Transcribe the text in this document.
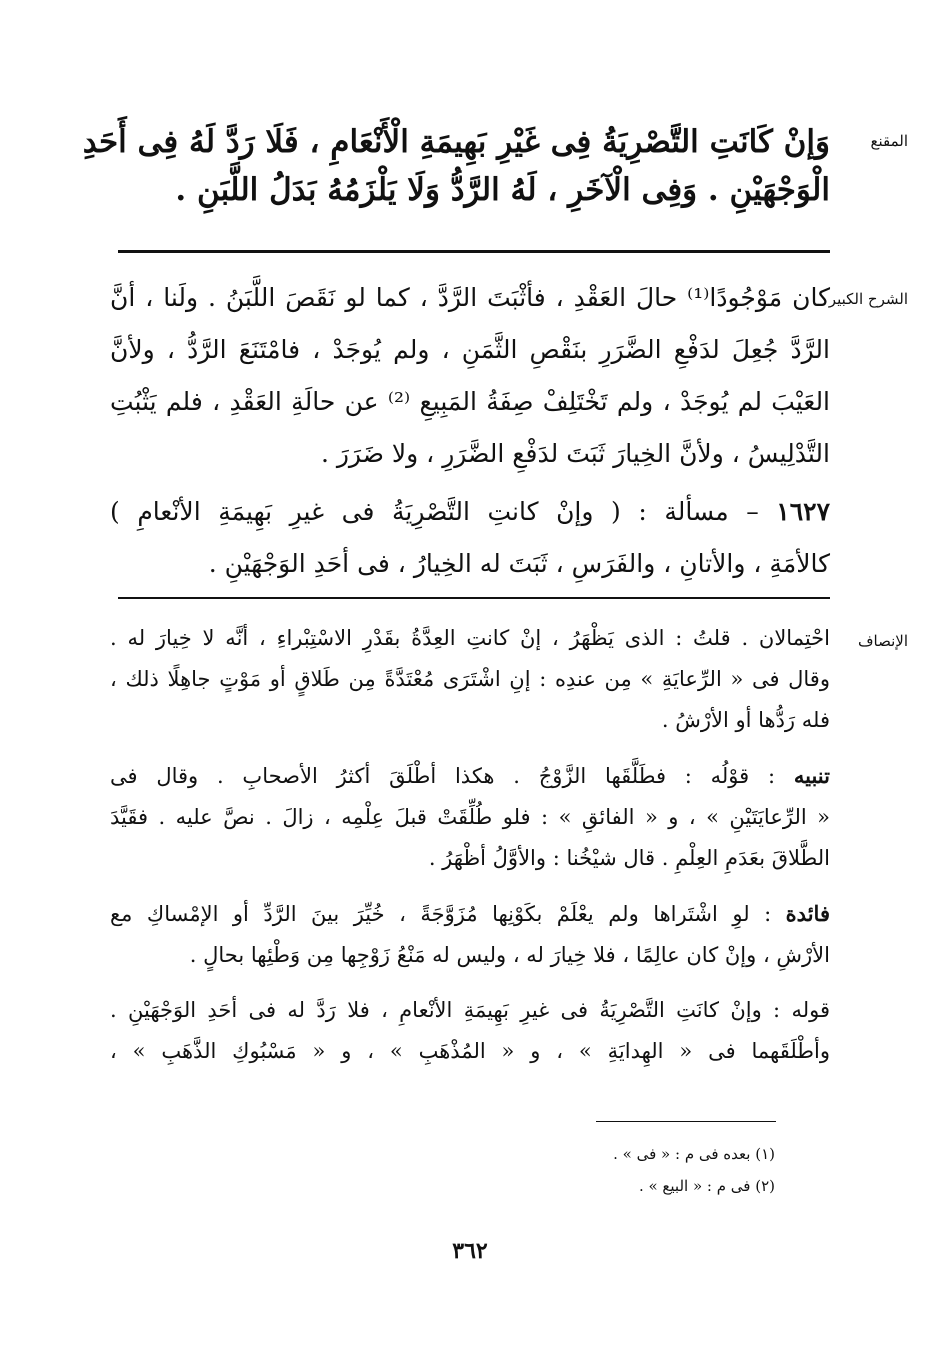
المقنع
وَإنْ كَانَتِ التَّصْرِيَةُ فِى غَيْرِ بَهِيمَةِ الْأَنْعَامِ ، فَلَا رَدَّ لَهُ فِى أَحَدِ
الْوَجْهَيْنِ . وَفِى الْآخَرِ ، لَهُ الرَّدُّ وَلَا يَلْزَمُهُ بَدَلُ اللَّبَنِ .
الشرح الكبير
كان مَوْجُودًا⁽¹⁾ حالَ العَقْدِ ، فأثْبَتَ الرَّدَّ ، كما لو نَقَصَ اللَّبَنُ . ولَنا ، أنَّ
الرَّدَّ جُعِلَ لدَفْعِ الضَّرَرِ بنَقْصِ الثَّمَنِ ، ولم يُوجَدْ ، فامْتَنَعَ الرَّدُّ ، ولأنَّ
العَيْبَ لم يُوجَدْ ، ولم تَخْتَلِفْ صِفَةُ المَبِيعِ ⁽²⁾ عن حالَةِ العَقْدِ ، فلم يَثْبُتِ
التَّدْلِيسُ ، ولأنَّ الخِيارَ ثَبَتَ لدَفْعِ الضَّرَرِ ، ولا ضَرَرَ .
١٦٢٧ – مسألة : ( وإنْ كانتِ التَّصْرِيَةُ فى غيرِ بَهِيمَةِ الأنْعامِ )
كالأمَةِ ، والأتانِ ، والفَرَسِ ، ثَبَتَ له الخِيارُ ، فى أحَدِ الوَجْهَيْنِ .
الإنصاف
احْتِمالان . قلتُ : الذى يَظْهَرُ ، إنْ كانتِ العِدَّةُ بقَدْرِ الاسْتِبْراءِ ، أنَّه لا خِيارَ له .
وقال فى « الرِّعايَةِ » مِن عندِه : إنِ اشْتَرَى مُعْتَدَّةً مِن طَلاقٍ أو مَوْتٍ جاهِلًا ذلك ،
فله رَدُّها أو الأرْشُ .
تنبيه : قوْلُه : فطَلَّقَها الزَّوْجُ . هكذا أطْلَقَ أكثرُ الأصحابِ . وقال فى
« الرِّعايَتَيْنِ » ، و « الفائقِ » : فلو طُلِّقَتْ قبلَ عِلْمِه ، زالَ . نصَّ عليه . فقَيَّدَ
الطَّلاقَ بعَدَمِ العِلْمِ . قال شيْخُنا : والأوَّلُ أظْهَرُ .
فائدة : لوِ اشْتَراها ولم يعْلَمْ بكَوْنِها مُزَوَّجَةً ، خُيِّرَ بينَ الرَّدِّ أو الإمْساكِ مع
الأرْشِ ، وإنْ كان عالِمًا ، فلا خِيارَ له ، وليس له مَنْعُ زَوْجِها مِن وَطْئِها بحالٍ .
قوله : وإنْ كانَتِ التَّصْرِيَةُ فى غيرِ بَهِيمَةِ الأنْعامِ ، فلا رَدَّ له فى أحَدِ الوَجْهَيْنِ .
وأطْلَقَهما فى « الهِدايَةِ » ، و « المُذْهَبِ » ، و « مَسْبُوكِ الذَّهَبِ » ،
(١) بعده فى م : « فى » .
(٢) فى م : « البيع » .
٣٦٢
